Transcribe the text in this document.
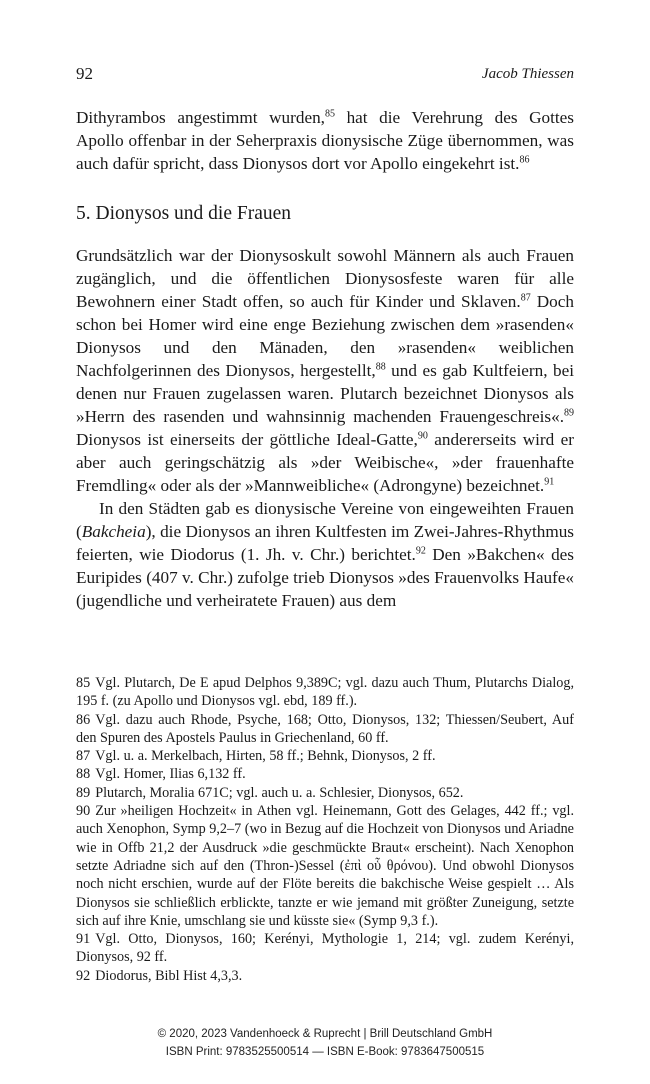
92	Jacob Thiessen

Dithyrambos angestimmt wurden,$^{85}$ hat die Verehrung des Gottes Apollo offenbar in der Seherpraxis dionysische Züge übernommen, was auch dafür spricht, dass Dionysos dort vor Apollo eingekehrt ist.$^{86}$

5. Dionysos und die Frauen

Grundsätzlich war der Dionysoskult sowohl Männern als auch Frauen zugänglich, und die öffentlichen Dionysosfeste waren für alle Bewohnern einer Stadt offen, so auch für Kinder und Sklaven.$^{87}$ Doch schon bei Homer wird eine enge Beziehung zwischen dem »rasenden« Dionysos und den Mänaden, den »rasenden« weiblichen Nachfolgerinnen des Dionysos, hergestellt,$^{88}$ und es gab Kultfeiern, bei denen nur Frauen zugelassen waren. Plutarch bezeichnet Dionysos als »Herrn des rasenden und wahnsinnig machenden Frauengeschreis«.$^{89}$ Dionysos ist einerseits der göttliche Ideal-Gatte,$^{90}$ andererseits wird er aber auch geringschätzig als »der Weibische«, »der frauenhafte Fremdling« oder als der »Mannweibliche« (Adrongyne) bezeichnet.$^{91}$

In den Städten gab es dionysische Vereine von eingeweihten Frauen (Bakcheia), die Dionysos an ihren Kultfesten im Zwei-Jahres-Rhythmus feierten, wie Diodorus (1. Jh. v. Chr.) berichtet.$^{92}$ Den »Bakchen« des Euripides (407 v. Chr.) zufolge trieb Dionysos »des Frauenvolks Haufe« (jugendliche und verheiratete Frauen) aus dem

85 Vgl. Plutarch, De E apud Delphos 9,389C; vgl. dazu auch Thum, Plutarchs Dialog, 195 f. (zu Apollo und Dionysos vgl. ebd, 189 ff.).

86 Vgl. dazu auch Rhode, Psyche, 168; Otto, Dionysos, 132; Thiessen/Seubert, Auf den Spuren des Apostels Paulus in Griechenland, 60 ff.

87 Vgl. u. a. Merkelbach, Hirten, 58 ff.; Behnk, Dionysos, 2 ff.

88 Vgl. Homer, Ilias 6,132 ff.

89 Plutarch, Moralia 671C; vgl. auch u. a. Schlesier, Dionysos, 652.

90 Zur »heiligen Hochzeit« in Athen vgl. Heinemann, Gott des Gelages, 442 ff.; vgl. auch Xenophon, Symp 9,2–7 (wo in Bezug auf die Hochzeit von Dionysos und Ariadne wie in Offb 21,2 der Ausdruck »die geschmückte Braut« erscheint). Nach Xenophon setzte Adriadne sich auf den (Thron-)Sessel (ἐπὶ οὗ θρόνου). Und obwohl Dionysos noch nicht erschien, wurde auf der Flöte bereits die bakchische Weise gespielt … Als Dionysos sie schließlich erblickte, tanzte er wie jemand mit größter Zuneigung, setzte sich auf ihre Knie, umschlang sie und küsste sie« (Symp 9,3 f.).

91 Vgl. Otto, Dionysos, 160; Kerényi, Mythologie 1, 214; vgl. zudem Kerényi, Dionysos, 92 ff.

92 Diodorus, Bibl Hist 4,3,3.

© 2020, 2023 Vandenhoeck & Ruprecht | Brill Deutschland GmbH
ISBN Print: 9783525500514 — ISBN E-Book: 9783647500515
